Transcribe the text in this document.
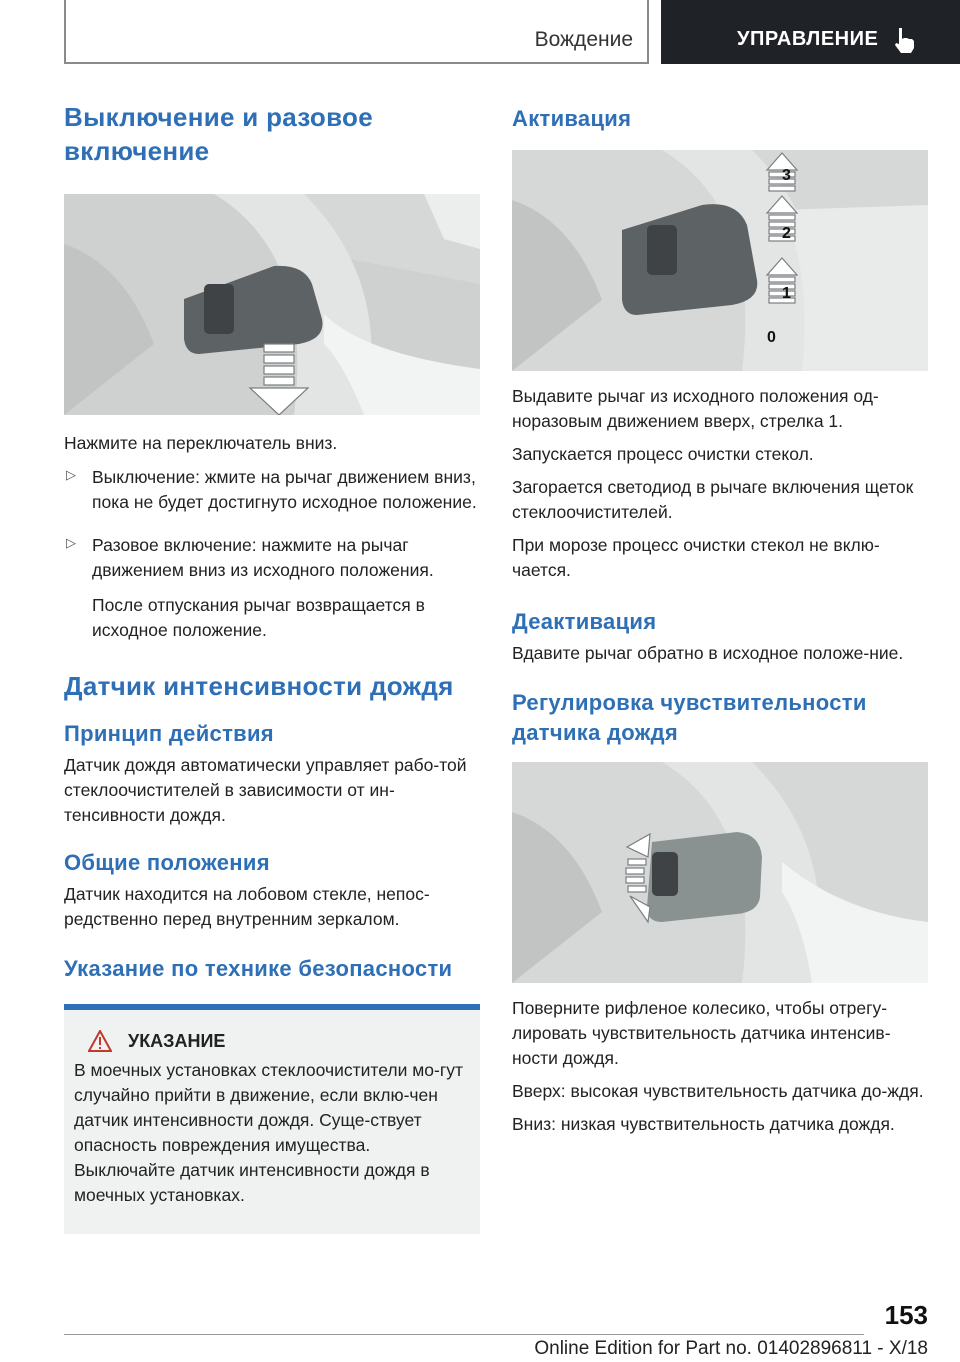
Вождение	УПРАВЛЕНИЕ
Выключение и разовое включение

Нажмите на переключатель вниз.

▷ Выключение: жмите на рычаг движением вниз, пока не будет достигнуто исходное положение.

▷ Разовое включение: нажмите на рычаг движением вниз из исходного положения.

После отпускания рычаг возвращается в исходное положение.

Датчик интенсивности дождя
Принцип действия

Датчик дождя автоматически управляет рабо-той стеклоочистителей в зависимости от ин-тенсивности дождя.

Общие положения

Датчик находится на лобовом стекле, непос-редственно перед внутренним зеркалом.

Указание по технике безопасности
УКАЗАНИЕ

В моечных установках стеклоочистители мо-гут случайно прийти в движение, если вклю-чен датчик интенсивности дождя. Суще-ствует опасность повреждения имущества. Выключайте датчик интенсивности дождя в моечных установках.

Активация
3
2
1
0

Выдавите рычаг из исходного положения од-норазовым движением вверх, стрелка 1.

Запускается процесс очистки стекол.

Загорается светодиод в рычаге включения щеток стеклоочистителей.

При морозе процесс очистки стекол не вклю-чается.

Деактивация

Вдавите рычаг обратно в исходное положе-ние.

Регулировка чувствительности датчика дождя

Поверните рифленое колесико, чтобы отрегу-лировать чувствительность датчика интенсив-ности дождя.

Вверх: высокая чувствительность датчика до-ждя.

Вниз: низкая чувствительность датчика дождя.

153
Online Edition for Part no. 01402896811 - X/18
